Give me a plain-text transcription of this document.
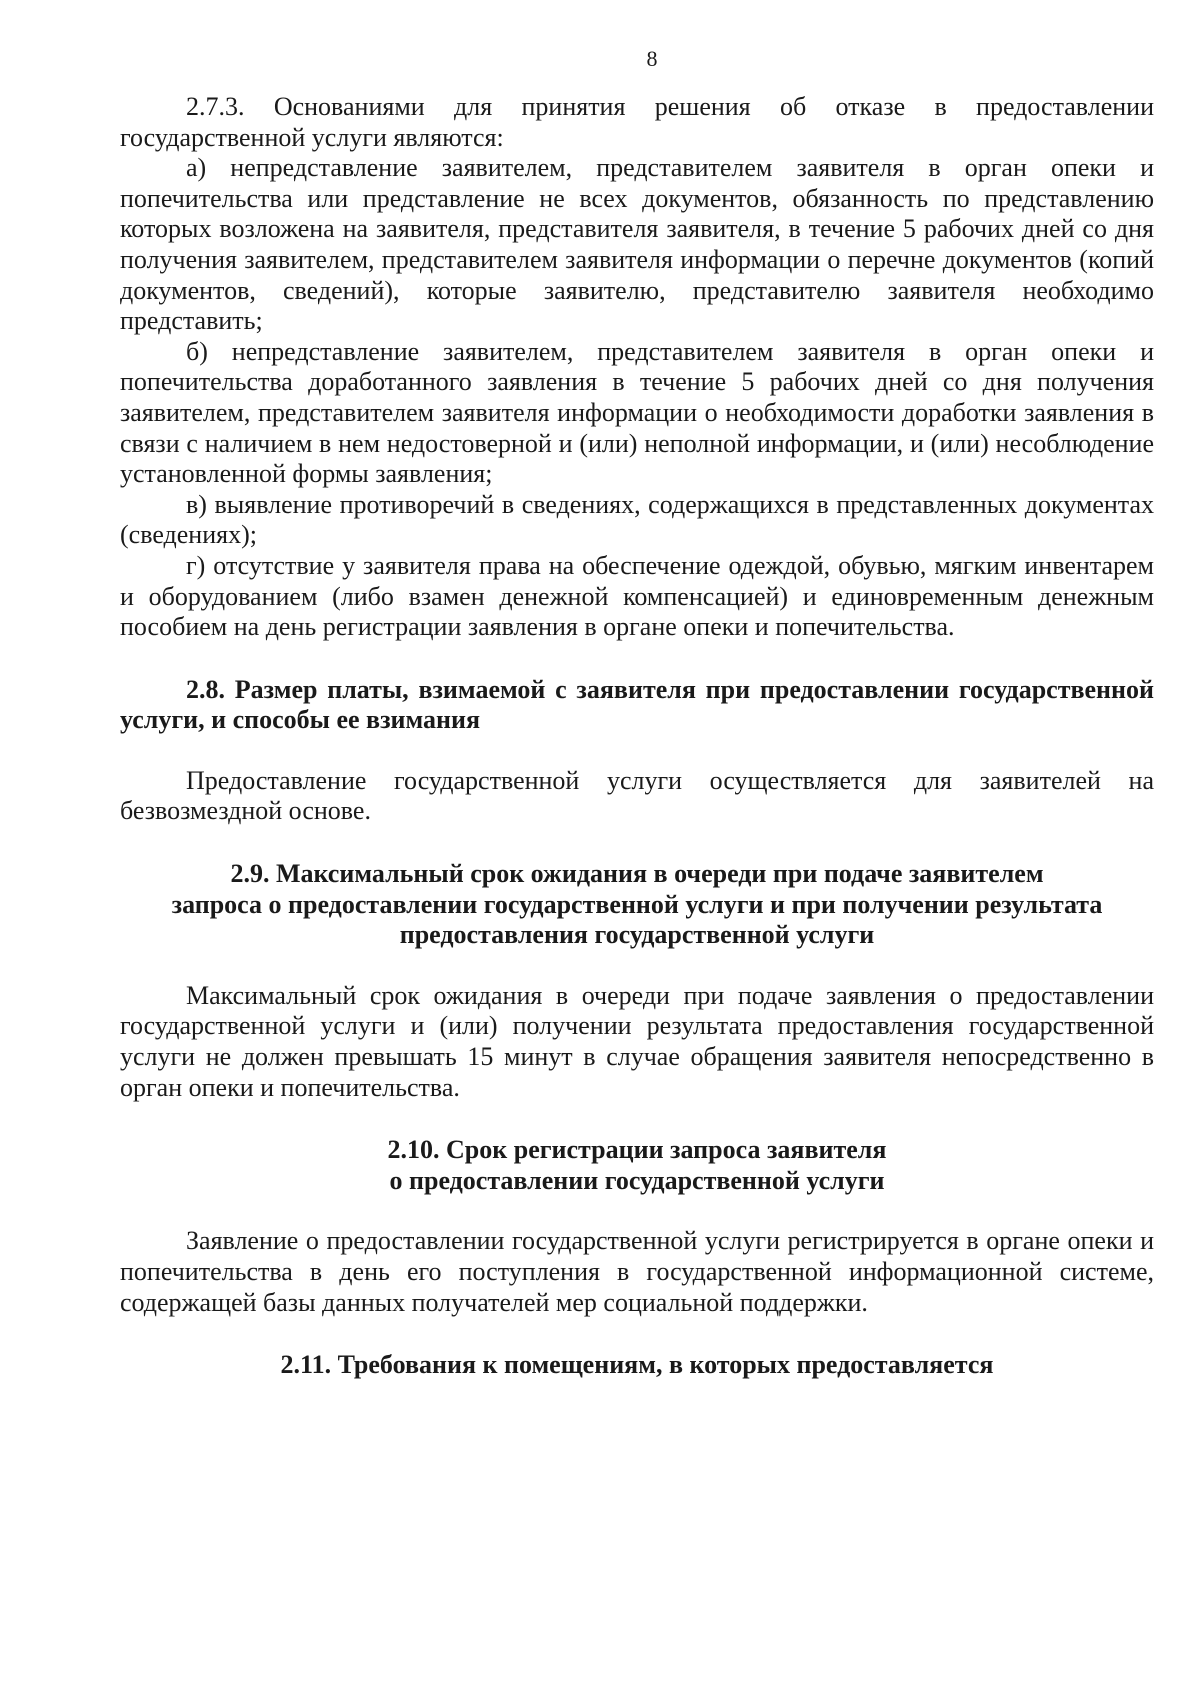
8

2.7.3. Основаниями для принятия решения об отказе в предоставлении государственной услуги являются:

а) непредставление заявителем, представителем заявителя в орган опеки и попечительства или представление не всех документов, обязанность по представлению которых возложена на заявителя, представителя заявителя, в течение 5 рабочих дней со дня получения заявителем, представителем заявителя информации о перечне документов (копий документов, сведений), которые заявителю, представителю заявителя необходимо представить;

б) непредставление заявителем, представителем заявителя в орган опеки и попечительства доработанного заявления в течение 5 рабочих дней со дня получения заявителем, представителем заявителя информации о необходимости доработки заявления в связи с наличием в нем недостоверной и (или) неполной информации, и (или) несоблюдение установленной формы заявления;

в) выявление противоречий в сведениях, содержащихся в представленных документах (сведениях);

г) отсутствие у заявителя права на обеспечение одеждой, обувью, мягким инвентарем и оборудованием (либо взамен денежной компенсацией) и единовременным денежным пособием на день регистрации заявления в органе опеки и попечительства.

2.8. Размер платы, взимаемой с заявителя при предоставлении государственной услуги, и способы ее взимания

Предоставление государственной услуги осуществляется для заявителей на безвозмездной основе.

2.9. Максимальный срок ожидания в очереди при подаче заявителем
запроса о предоставлении государственной услуги и при получении результата
предоставления государственной услуги

Максимальный срок ожидания в очереди при подаче заявления о предоставлении государственной услуги и (или) получении результата предоставления государственной услуги не должен превышать 15 минут в случае обращения заявителя непосредственно в орган опеки и попечительства.

2.10. Срок регистрации запроса заявителя
о предоставлении государственной услуги

Заявление о предоставлении государственной услуги регистрируется в органе опеки и попечительства в день его поступления в государственной информационной системе, содержащей базы данных получателей мер социальной поддержки.

2.11. Требования к помещениям, в которых предоставляется
